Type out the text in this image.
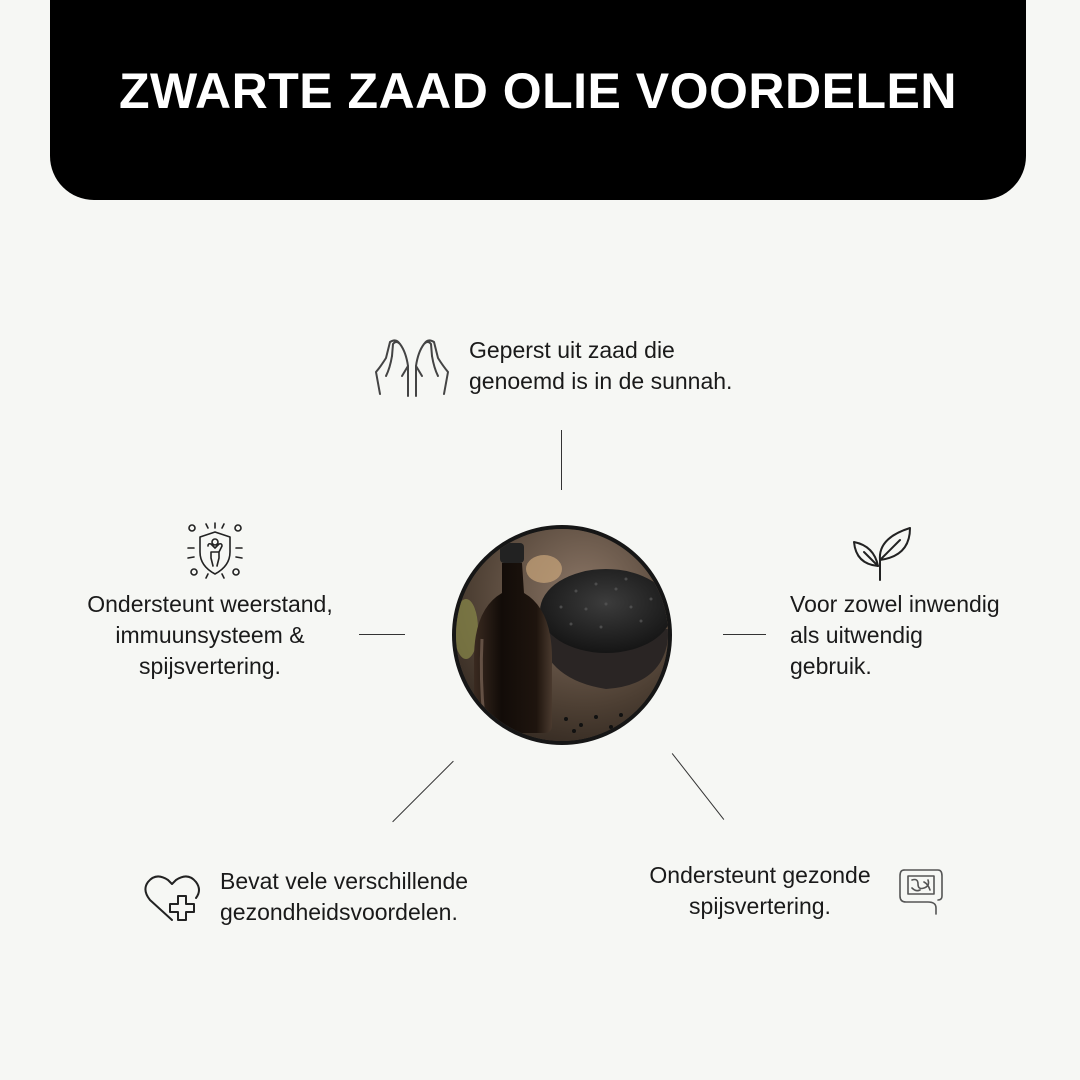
ZWARTE ZAAD OLIE VOORDELEN
Geperst uit zaad die
genoemd is in de sunnah.
Ondersteunt weerstand,
immuunsysteem &
spijsvertering.
Voor zowel inwendig
als uitwendig
gebruik.
Bevat vele verschillende
gezondheidsvoordelen.
Ondersteunt gezonde
spijsvertering.
